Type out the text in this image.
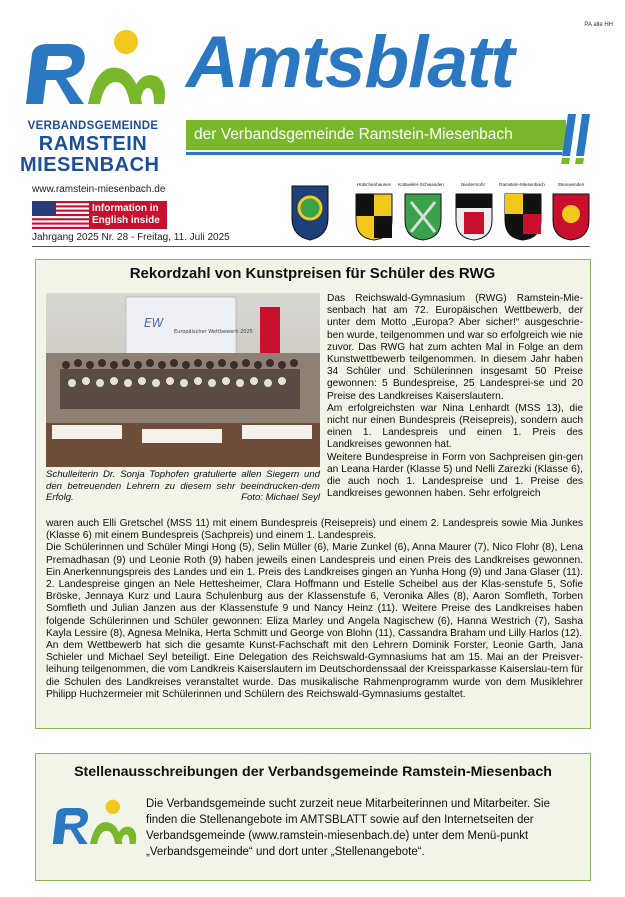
PA alle HH
VERBANDSGEMEINDE
RAMSTEIN
MIESENBACH
www.ramstein-miesenbach.de
Information in English inside
Jahrgang 2025 Nr. 28 - Freitag, 11. Juli 2025
Amtsblatt
der Verbandsgemeinde Ramstein-Miesenbach
Hütschenhausen	Kottweiler-Schwanden	Niedermohr	Ramstein-Miesenbach	Steinwenden
Rekordzahl von Kunstpreisen für Schüler des RWG
EW
Europäischer Wettbewerb 2025
Schulleiterin Dr. Sonja Tophofen gratulierte allen Siegern und den betreuenden Lehrern zu diesem sehr beeindrucken-dem Erfolg.	Foto: Michael Seyl

Das Reichswald-Gymnasium (RWG) Ramstein-Mie-senbach hat am 72. Europäischen Wettbewerb, der unter dem Motto „Europa? Aber sicher!“ ausgeschrie-ben wurde, teilgenommen und war so erfolgreich wie nie zuvor. Das RWG hat zum achten Mal in Folge an dem Kunstwettbewerb teilgenommen. In diesem Jahr haben 34 Schüler und Schülerinnen insgesamt 50 Preise gewonnen: 5 Bundespreise, 25 Landesprei-se und 20 Preise des Landkreises Kaiserslautern.

Am erfolgreichsten war Nina Lenhardt (MSS 13), die nicht nur einen Bundespreis (Reisepreis), sondern auch einen 1. Landespreis und einen 1. Preis des Landkreises gewonnen hat.

Weitere Bundespreise in Form von Sachpreisen gin-gen an Leana Harder (Klasse 5) und Nelli Zarezki (Klasse 6), die auch noch 1. Landespreise und 1. Preise des Landkreises gewonnen haben. Sehr erfolgreich

waren auch Elli Gretschel (MSS 11) mit einem Bundespreis (Reisepreis) und einem 2. Landespreis sowie Mia Junkes (Klasse 6) mit einem Bundespreis (Sachpreis) und einem 1. Landespreis.

Die Schülerinnen und Schüler Mingi Hong (5), Selin Müller (6), Marie Zunkel (6), Anna Maurer (7), Nico Flohr (8), Lena Premadhasan (9) und Leonie Roth (9) haben jeweils einen Landespreis und einen Preis des Landkreises gewonnen. Ein Anerkennungspreis des Landes und ein 1. Preis des Landkreises gingen an Yunha Hong (9) und Jana Glaser (11). 2. Landespreise gingen an Nele Hettesheimer, Clara Hoffmann und Estelle Scheibel aus der Klas-senstufe 5, Sofie Bröske, Jennaya Kurz und Laura Schulenburg aus der Klassenstufe 6, Veronika Alles (8), Aaron Somfleth, Torben Somfleth und Julian Janzen aus der Klassenstufe 9 und Nancy Heinz (11). Weitere Preise des Landkreises haben folgende Schülerinnen und Schüler gewonnen: Eliza Marley und Angela Nagischew (6), Hanna Westrich (7), Sasha Kayla Lessire (8), Agnesa Melnika, Herta Schmitt und George von Blohn (11), Cassandra Braham und Lilly Harlos (12).

An dem Wettbewerb hat sich die gesamte Kunst-Fachschaft mit den Lehrern Dominik Forster, Leonie Garth, Jana Schieler und Michael Seyl beteiligt. Eine Delegation des Reichswald-Gymnasiums hat am 15. Mai an der Preisver-leihung teilgenommen, die vom Landkreis Kaiserslautern im Deutschordenssaal der Kreissparkasse Kaiserslau-tern für die Schulen des Landkreises veranstaltet wurde. Das musikalische Rahmenprogramm wurde von dem Musiklehrer Philipp Huchzermeier mit Schülerinnen und Schülern des Reichswald-Gymnasiums gestaltet.

Stellenausschreibungen der Verbandsgemeinde Ramstein-Miesenbach
Die Verbandsgemeinde sucht zurzeit neue Mitarbeiterinnen und Mitarbeiter. Sie finden die Stellenangebote im AMTSBLATT sowie auf den Internetseiten der Verbandsgemeinde (www.ramstein-miesenbach.de) unter dem Menü-punkt „Verbandsgemeinde“ und dort unter „Stellenangebote“.
